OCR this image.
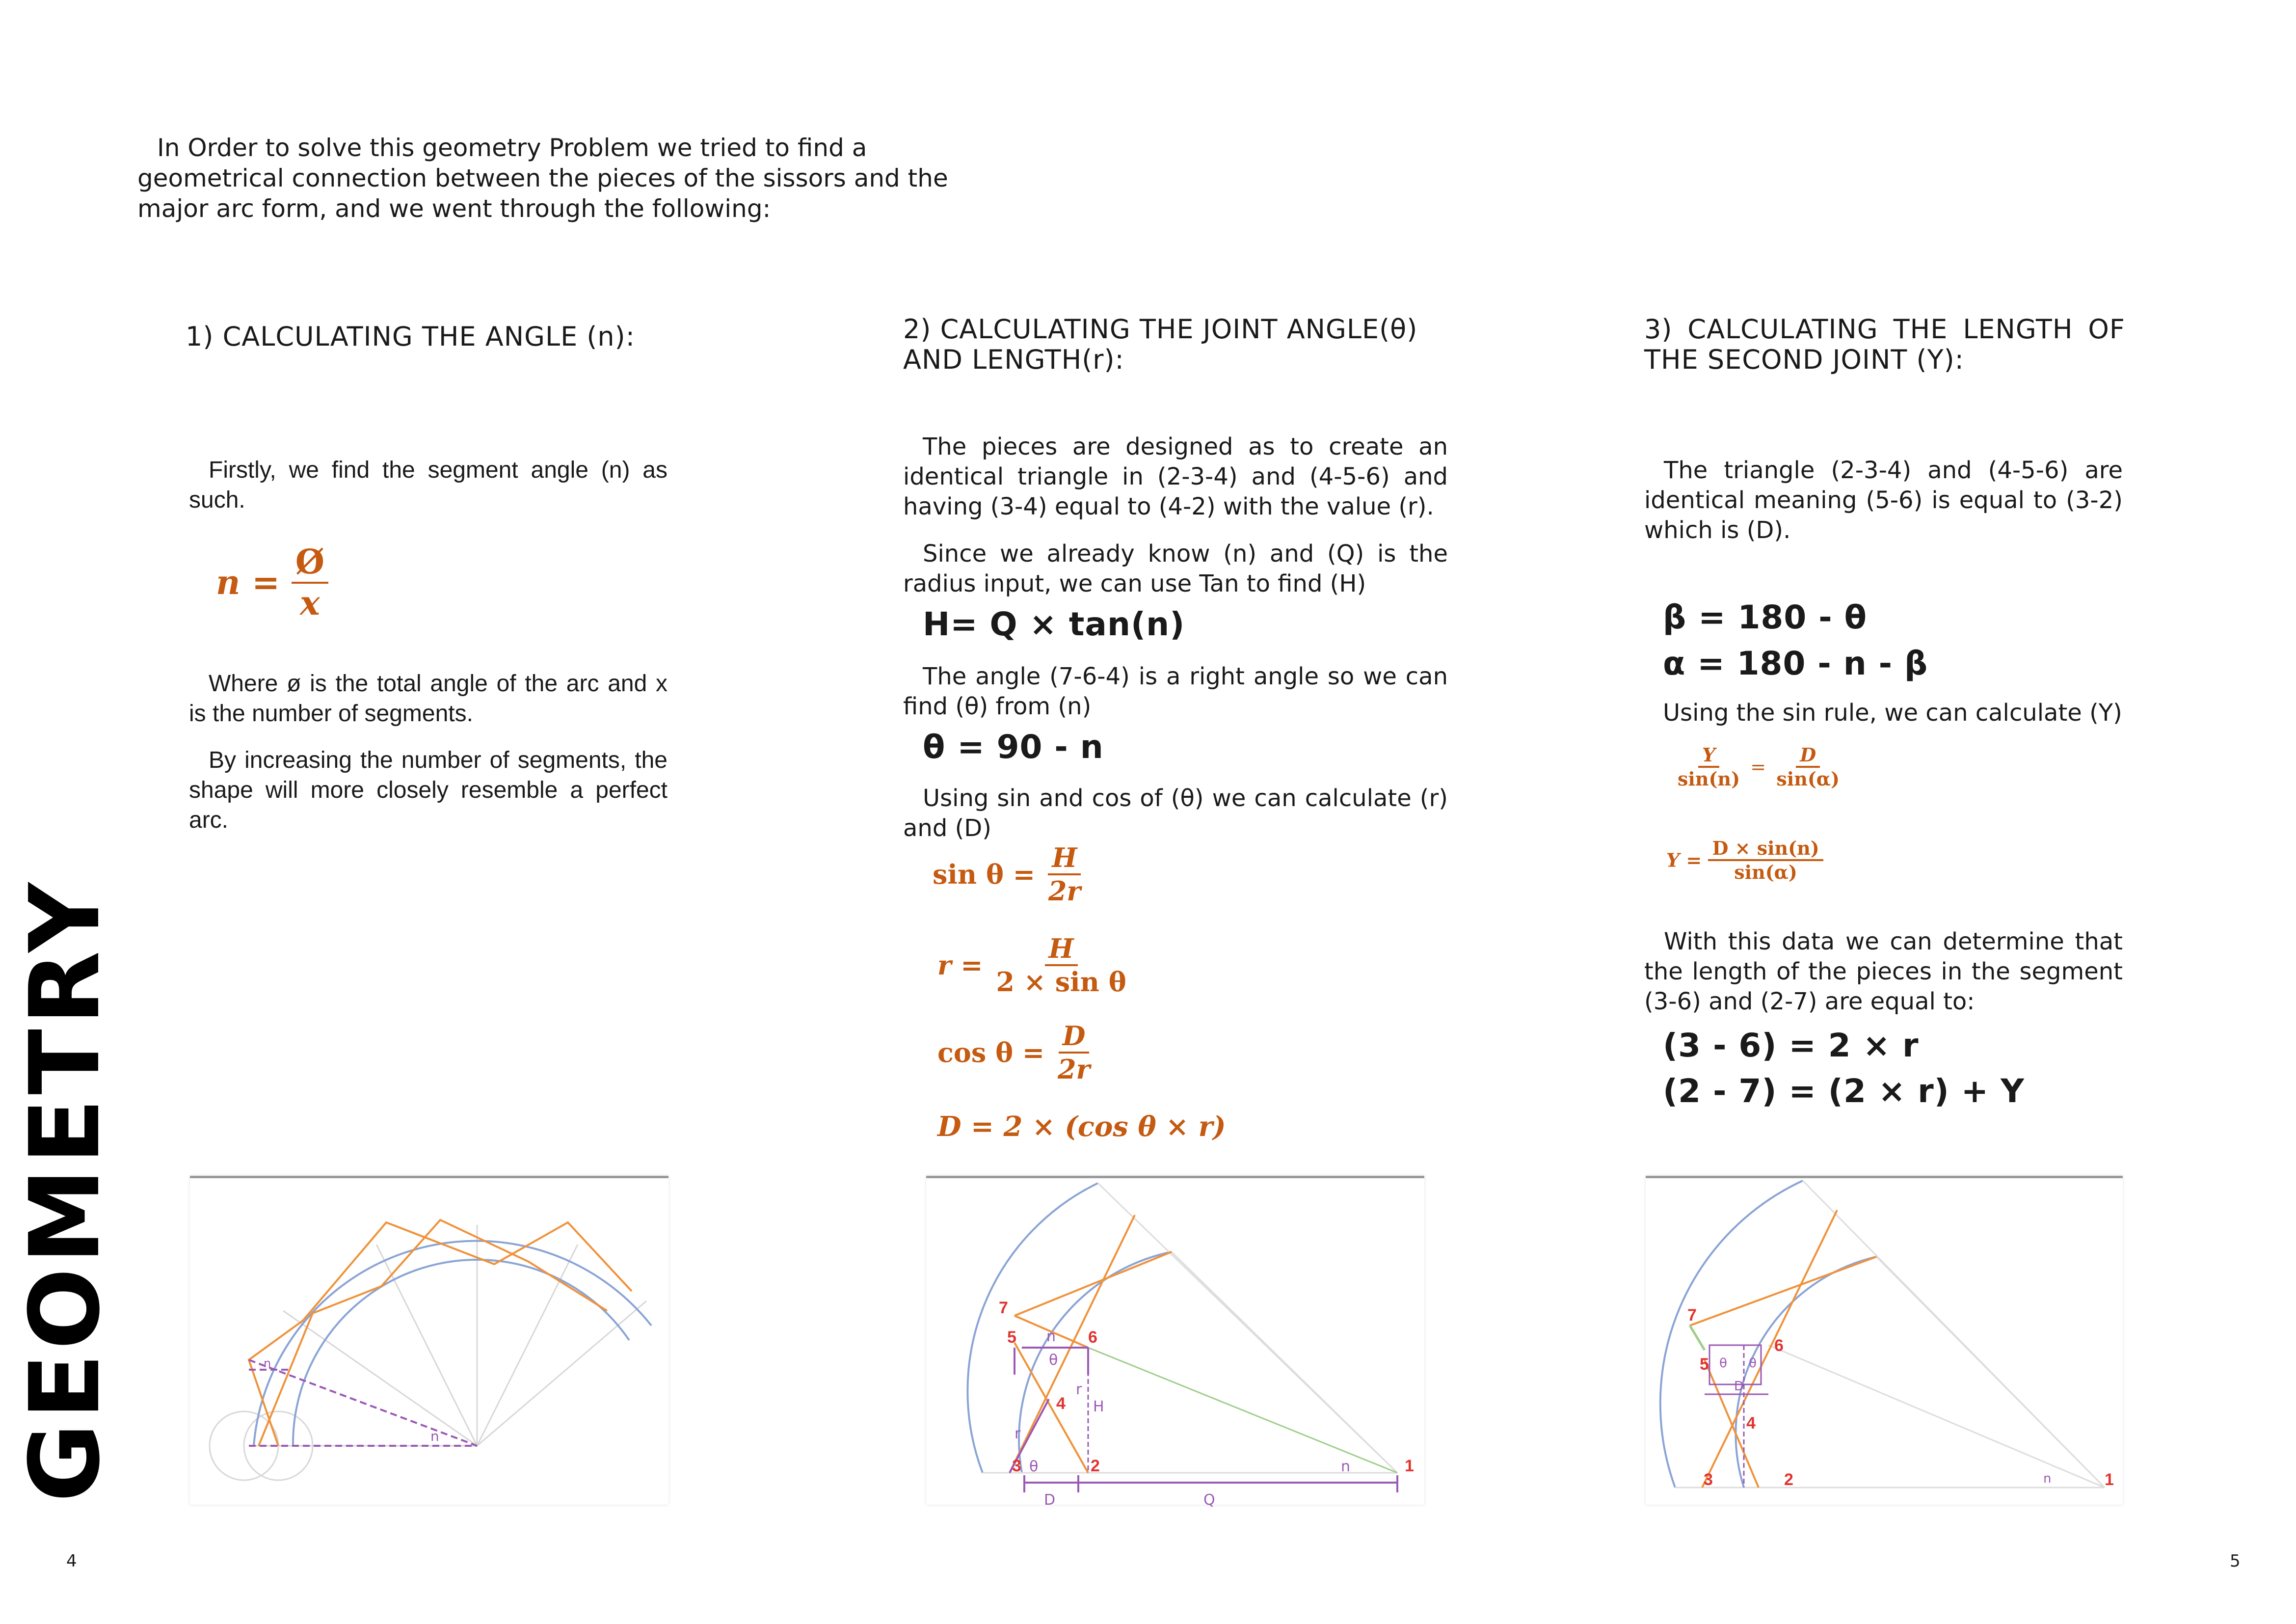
In Order to solve this geometry Problem we tried to find a geometrical connection between the pieces of the sissors and the major arc form, and we went through the following:
GEOMETRY
1) CALCULATING THE ANGLE (n):
Firstly, we find the segment angle (n) as such.
$n = \frac{Ø}{x}$
Where ø is the total angle of the arc and x is the number of segments.
By increasing the number of segments, the shape will more closely resemble a perfect arc.
n
n
2) CALCULATING THE JOINT ANGLE(θ) AND LENGTH(r):
The pieces are designed as to create an identical triangle in (2-3-4) and (4-5-6) and having (3-4) equal to (4-2) with the value (r).
Since we already know (n) and (Q) is the radius input, we can use Tan to find (H)
H= Q × tan(n)
The angle (7-6-4) is a right angle so we can find (θ) from (n)
θ = 90 - n
Using sin and cos of (θ) we can calculate (r) and (D)
$\sin \theta = \frac{H}{2r}$
$r = \frac{H}{\text{2 × sin θ}}$
$\cos \theta = \frac{D}{2r}$
D = 2 × (cos θ × r)
1
2
3
4
5	6
7
H
r
r
θ
θ
n
n
D	Q
3) CALCULATING THE LENGTH OF THE SECOND JOINT (Y):
The triangle (2-3-4) and (4-5-6) are identical meaning (5-6) is equal to (3-2) which is (D).
β = 180 - θ
α = 180 - n - β
Using the sin rule, we can calculate (Y)
$\frac{Y}{\sin(n)} = \frac{D}{\sin(\alpha)}$
$Y = \frac{D \times \sin(n)}{\sin(\alpha)}$
With this data we can determine that the length of the pieces in the segment (3-6) and (2-7) are equal to:
(3 - 6) = 2 × r
(2 - 7) = (2 × r) + Y
1
2
3
4
5
6
7
n
θ θ
D
4	5
